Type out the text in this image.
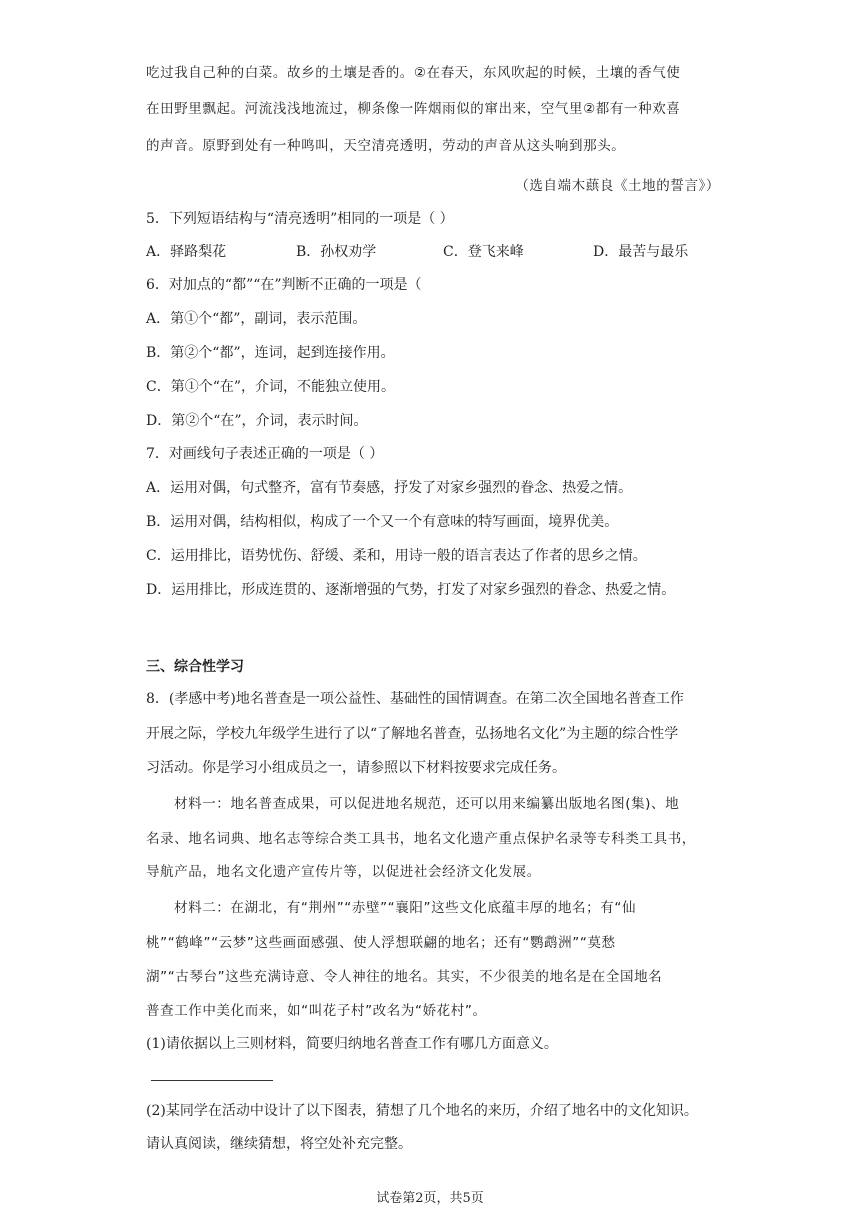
吃过我自己种的白菜。故乡的土壤是香的。②在春天，东风吹起的时候，土壤的香气使
在田野里飘起。河流浅浅地流过，柳条像一阵烟雨似的窜出来，空气里②都有一种欢喜
的声音。原野到处有一种鸣叫，天空清亮透明，劳动的声音从这头响到那头。
（选自端木蕻良《土地的誓言》）
5．下列短语结构与“清亮透明”相同的一项是（ ）
A．驿路梨花	B．孙权劝学	C．登飞来峰	D．最苦与最乐
6．对加点的“都”“在”判断不正确的一项是（
A．第①个“都”，副词，表示范围。
B．第②个“都”，连词，起到连接作用。
C．第①个“在”，介词，不能独立使用。
D．第②个“在”，介词，表示时间。
7．对画线句子表述正确的一项是（ ）
A．运用对偶，句式整齐，富有节奏感，抒发了对家乡强烈的眷念、热爱之情。
B．运用对偶，结构相似，构成了一个又一个有意味的特写画面，境界优美。
C．运用排比，语势忧伤、舒缓、柔和，用诗一般的语言表达了作者的思乡之情。
D．运用排比，形成连贯的、逐渐增强的气势，打发了对家乡强烈的眷念、热爱之情。
三、综合性学习
8．(孝感中考)地名普查是一项公益性、基础性的国情调查。在第二次全国地名普查工作
开展之际，学校九年级学生进行了以“了解地名普查，弘扬地名文化”为主题的综合性学
习活动。你是学习小组成员之一，请参照以下材料按要求完成任务。
材料一：地名普查成果，可以促进地名规范，还可以用来编纂出版地名图(集)、地
名录、地名词典、地名志等综合类工具书，地名文化遗产重点保护名录等专科类工具书，
导航产品，地名文化遗产宣传片等，以促进社会经济文化发展。
材料二：在湖北，有“荆州”“赤壁”“襄阳”这些文化底蕴丰厚的地名；有“仙
桃”“鹤峰”“云梦”这些画面感强、使人浮想联翩的地名；还有“鹦鹉洲”“莫愁
湖”“古琴台”这些充满诗意、令人神往的地名。其实，不少很美的地名是在全国地名
普查工作中美化而来，如“叫花子村”改名为“娇花村”。
(1)请依据以上三则材料，简要归纳地名普查工作有哪几方面意义。
(2)某同学在活动中设计了以下图表，猜想了几个地名的来历，介绍了地名中的文化知识。
请认真阅读，继续猜想，将空处补充完整。
试卷第2页，共5页
